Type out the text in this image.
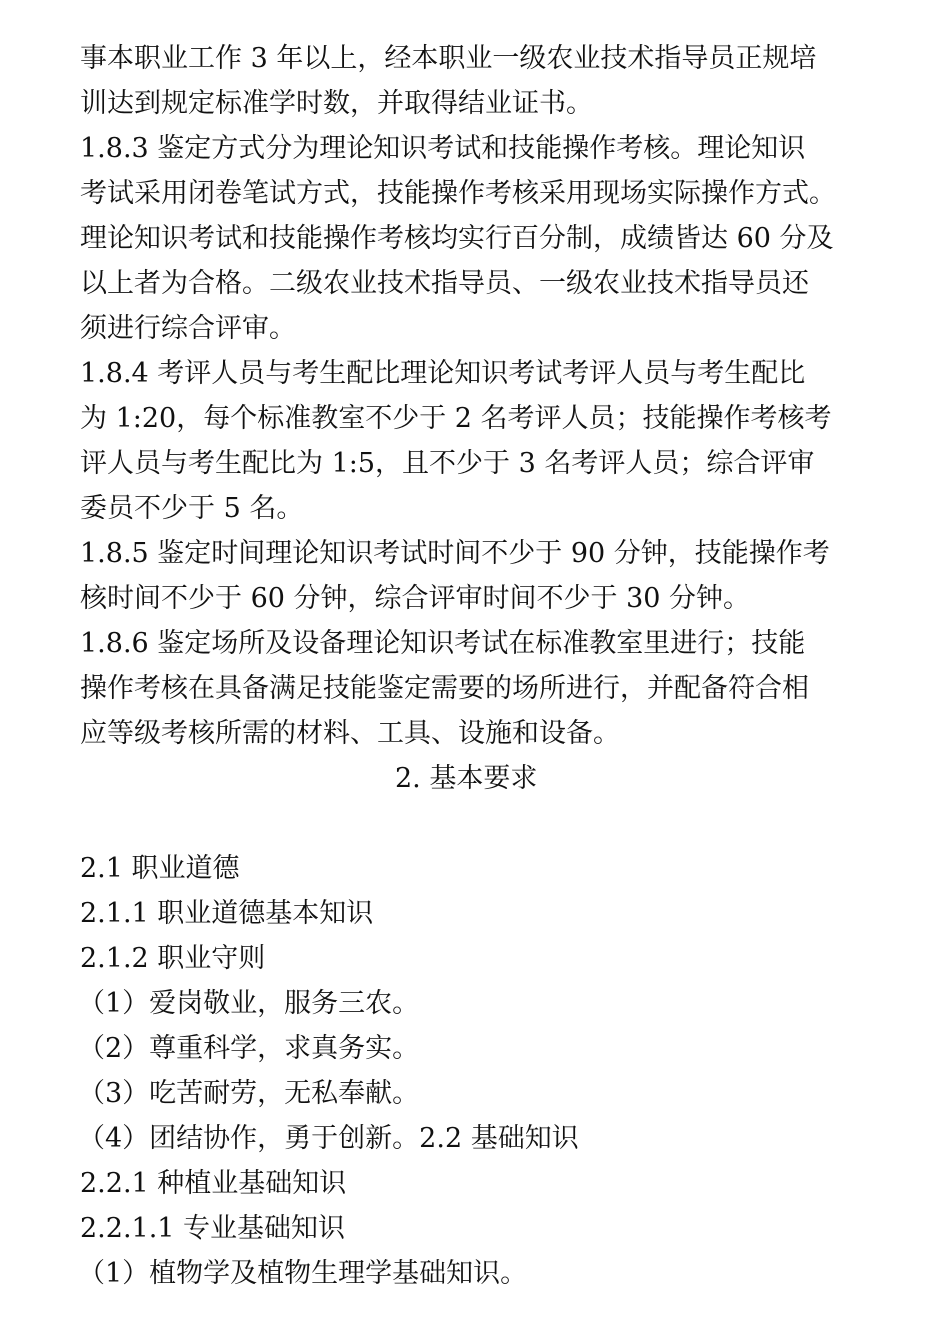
事本职业工作 3 年以上，经本职业一级农业技术指导员正规培

训达到规定标准学时数，并取得结业证书。

1.8.3 鉴定方式分为理论知识考试和技能操作考核。理论知识

考试采用闭卷笔试方式，技能操作考核采用现场实际操作方式。

理论知识考试和技能操作考核均实行百分制，成绩皆达 60 分及

以上者为合格。二级农业技术指导员、一级农业技术指导员还

须进行综合评审。

1.8.4 考评人员与考生配比理论知识考试考评人员与考生配比

为 1:20，每个标准教室不少于 2 名考评人员；技能操作考核考

评人员与考生配比为 1:5，且不少于 3 名考评人员；综合评审

委员不少于 5 名。

1.8.5 鉴定时间理论知识考试时间不少于 90 分钟，技能操作考

核时间不少于 60 分钟，综合评审时间不少于 30 分钟。

1.8.6 鉴定场所及设备理论知识考试在标准教室里进行；技能

操作考核在具备满足技能鉴定需要的场所进行，并配备符合相

应等级考核所需的材料、工具、设施和设备。

2. 基本要求

2.1 职业道德

2.1.1 职业道德基本知识

2.1.2 职业守则

（1）爱岗敬业，服务三农。

（2）尊重科学，求真务实。

（3）吃苦耐劳，无私奉献。

（4）团结协作，勇于创新。2.2 基础知识

2.2.1 种植业基础知识

2.2.1.1 专业基础知识

（1）植物学及植物生理学基础知识。
